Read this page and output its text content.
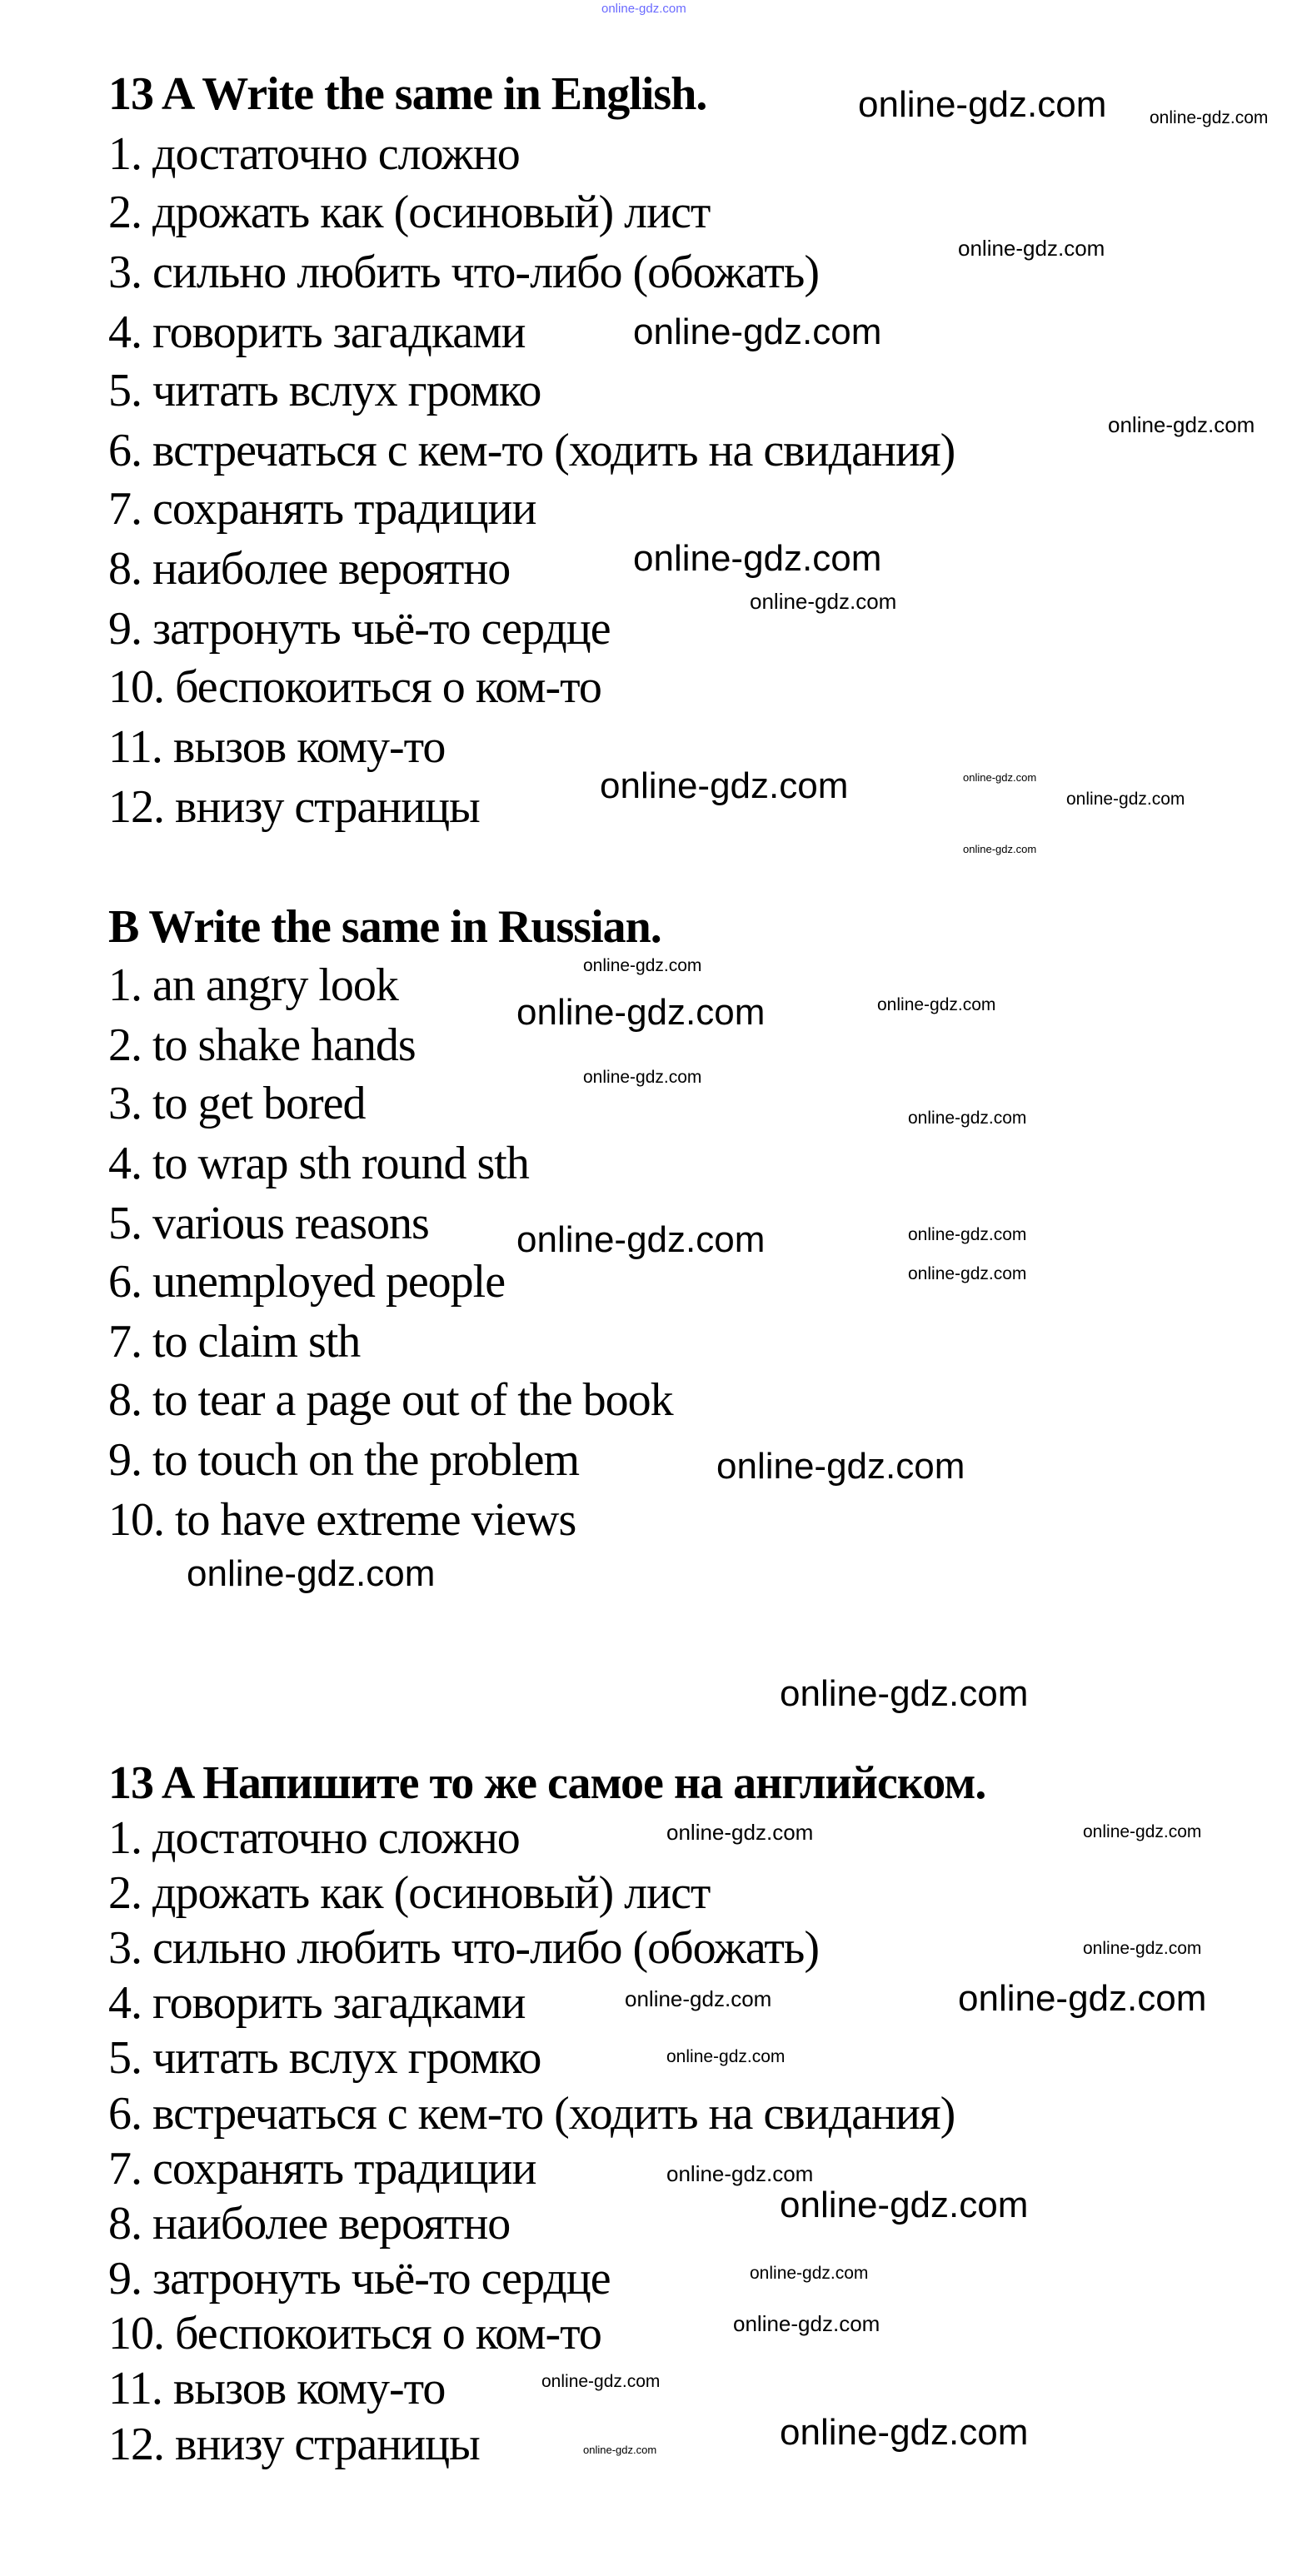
13 A Write the same in English.
1. достаточно сложно
2. дрожать как (осиновый) лист
3. сильно любить что-либо (обожать)
4. говорить загадками
5. читать вслух громко
6. встречаться с кем-то (ходить на свидания)
7. сохранять традиции
8. наиболее вероятно
9. затронуть чьё-то сердце
10. беспокоиться о ком-то
11. вызов кому-то
12. внизу страницы
B Write the same in Russian.
1. an angry look
2. to shake hands
3. to get bored
4. to wrap sth round sth
5. various reasons
6. unemployed people
7. to claim sth
8. to tear a page out of the book
9. to touch on the problem
10. to have extreme views
13 A Напишите то же самое на английском.
1. достаточно сложно
2. дрожать как (осиновый) лист
3. сильно любить что-либо (обожать)
4. говорить загадками
5. читать вслух громко
6. встречаться с кем-то (ходить на свидания)
7. сохранять традиции
8. наиболее вероятно
9. затронуть чьё-то сердце
10. беспокоиться о ком-то
11. вызов кому-то
12. внизу страницы
online-gdz.com
online-gdz.com online-gdz.com
online-gdz.com
online-gdz.com
online-gdz.com
online-gdz.com
online-gdz.com
online-gdz.com
online-gdz.com	online-gdz.com
online-gdz.com
online-gdz.com
online-gdz.com	online-gdz.com
online-gdz.com
online-gdz.com
online-gdz.com
online-gdz.com	online-gdz.com
online-gdz.com
online-gdz.com
online-gdz.com
online-gdz.com
online-gdz.com
online-gdz.com
online-gdz.com	online-gdz.com
online-gdz.com
online-gdz.com
online-gdz.com
online-gdz.com
online-gdz.com
online-gdz.com
online-gdz.com	online-gdz.com
